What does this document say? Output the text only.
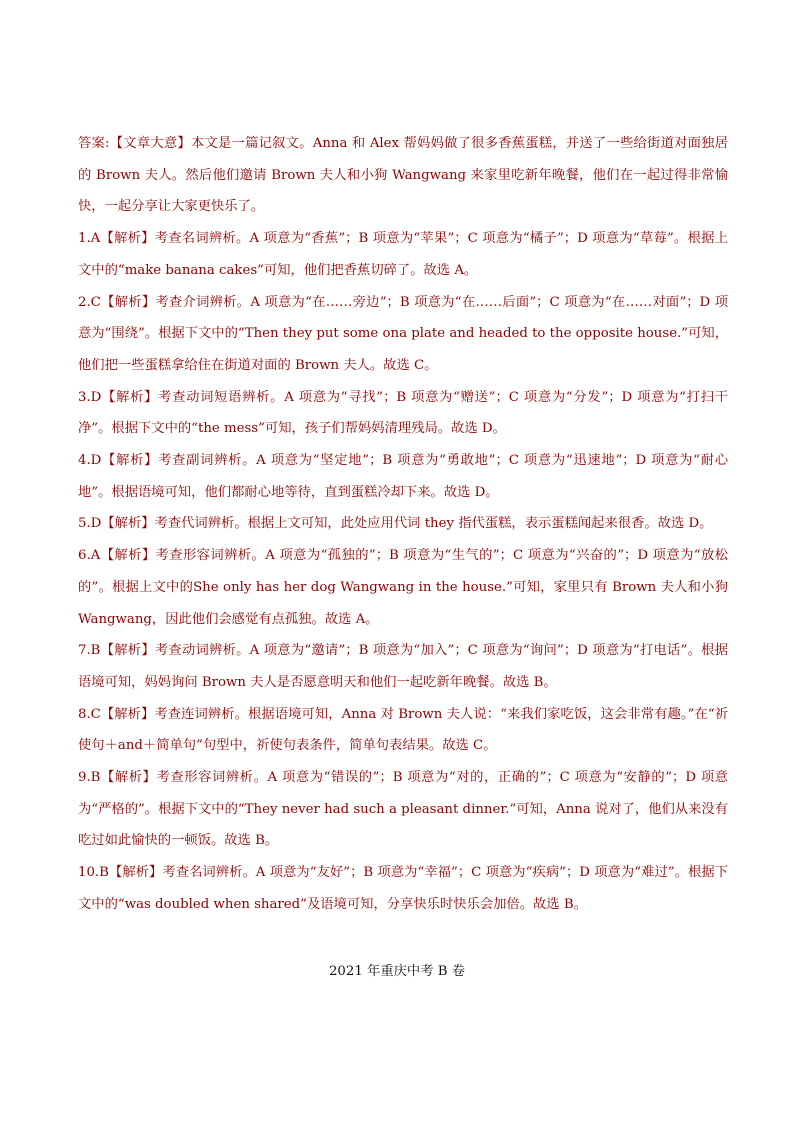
答案:【文章大意】本文是一篇记叙文。Anna 和 Alex 帮妈妈做了很多香蕉蛋糕，并送了一些给街道对面独居的 Brown 夫人。然后他们邀请 Brown 夫人和小狗 Wangwang 来家里吃新年晚餐，他们在一起过得非常愉快，一起分享让大家更快乐了。

1.A【解析】考查名词辨析。A 项意为“香蕉”；B 项意为“苹果”；C 项意为“橘子”；D 项意为“草莓”。根据上文中的“make banana cakes”可知，他们把香蕉切碎了。故选 A。

2.C【解析】考查介词辨析。A 项意为“在……旁边”；B 项意为“在……后面”；C 项意为“在……对面”；D 项意为“围绕”。根据下文中的“Then they put some ona plate and headed to the opposite house.”可知，他们把一些蛋糕拿给住在街道对面的 Brown 夫人。故选 C。

3.D【解析】考查动词短语辨析。A 项意为“寻找”；B 项意为“赠送”；C 项意为“分发”；D 项意为“打扫干净”。根据下文中的“the mess”可知，孩子们帮妈妈清理残局。故选 D。

4.D【解析】考查副词辨析。A 项意为“坚定地”；B 项意为“勇敢地”；C 项意为“迅速地”；D 项意为“耐心地”。根据语境可知，他们都耐心地等待，直到蛋糕冷却下来。故选 D。

5.D【解析】考查代词辨析。根据上文可知，此处应用代词 they 指代蛋糕，表示蛋糕闻起来很香。故选 D。

6.A【解析】考查形容词辨析。A 项意为“孤独的”；B 项意为“生气的”；C 项意为“兴奋的”；D 项意为“放松的”。根据上文中的She only has her dog Wangwang in the house.”可知，家里只有 Brown 夫人和小狗 Wangwang，因此他们会感觉有点孤独。故选 A。

7.B【解析】考查动词辨析。A 项意为“邀请”；B 项意为“加入”；C 项意为“询问”；D 项意为“打电话”。根据语境可知，妈妈询问 Brown 夫人是否愿意明天和他们一起吃新年晚餐。故选 B。

8.C【解析】考查连词辨析。根据语境可知，Anna 对 Brown 夫人说：“来我们家吃饭，这会非常有趣。”在“祈使句＋and＋简单句”句型中，祈使句表条件，简单句表结果。故选 C。

9.B【解析】考查形容词辨析。A 项意为“错误的”；B 项意为“对的，正确的”；C 项意为“安静的”；D 项意为“严格的”。根据下文中的“They never had such a pleasant dinner.”可知，Anna 说对了，他们从来没有吃过如此愉快的一顿饭。故选 B。

10.B【解析】考查名词辨析。A 项意为“友好”；B 项意为“幸福”；C 项意为“疾病”；D 项意为“难过”。根据下文中的“was doubled when shared”及语境可知，分享快乐时快乐会加倍。故选 B。

2021 年重庆中考 B 卷
